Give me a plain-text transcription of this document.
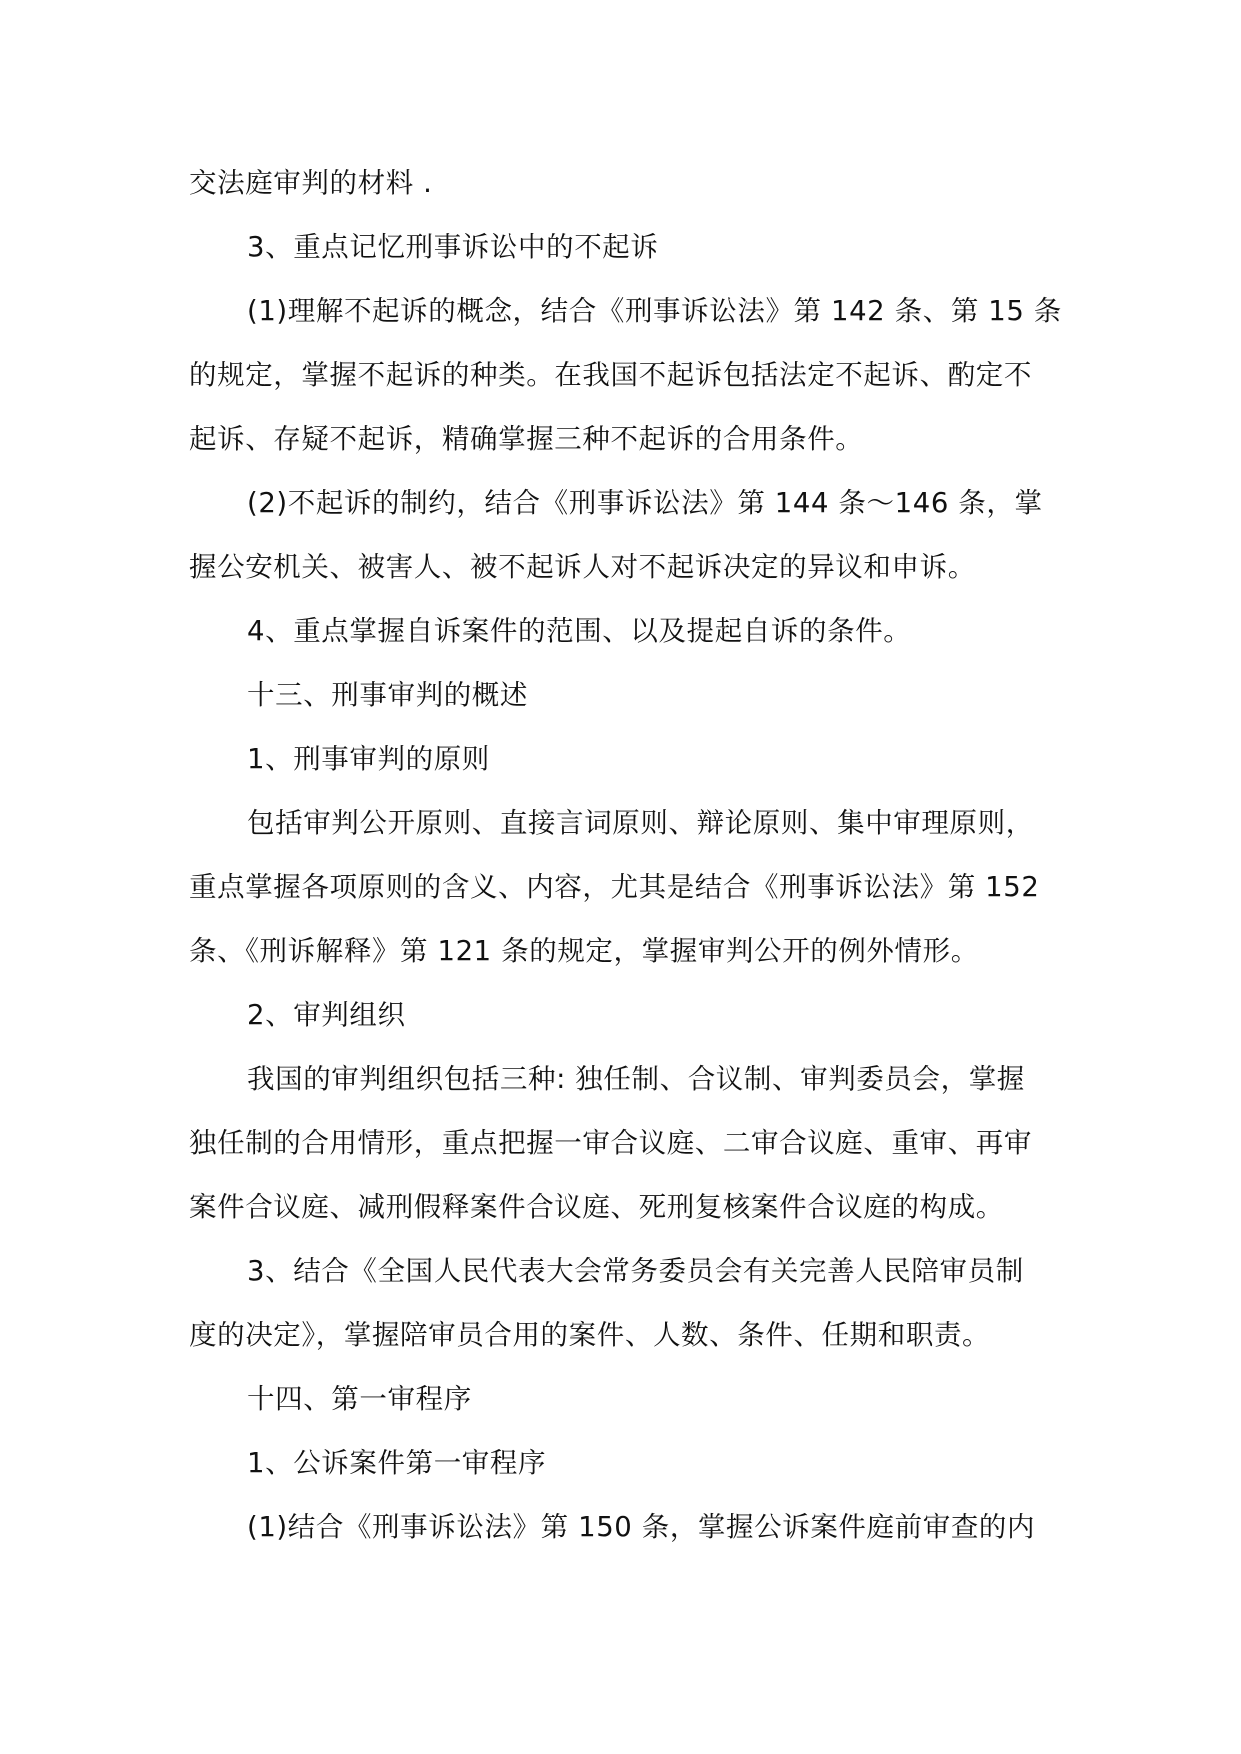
交法庭审判的材料 .
3、重点记忆刑事诉讼中的不起诉
(1)理解不起诉的概念，结合《刑事诉讼法》第 142 条、第 15 条
的规定，掌握不起诉的种类。在我国不起诉包括法定不起诉、酌定不
起诉、存疑不起诉，精确掌握三种不起诉的合用条件。
(2)不起诉的制约，结合《刑事诉讼法》第 144 条～146 条，掌
握公安机关、被害人、被不起诉人对不起诉决定的异议和申诉。
4、重点掌握自诉案件的范围、以及提起自诉的条件。
十三、刑事审判的概述
1、刑事审判的原则
包括审判公开原则、直接言词原则、辩论原则、集中审理原则，
重点掌握各项原则的含义、内容，尤其是结合《刑事诉讼法》第 152
条、《刑诉解释》第 121 条的规定，掌握审判公开的例外情形。
2、审判组织
我国的审判组织包括三种: 独任制、合议制、审判委员会，掌握
独任制的合用情形，重点把握一审合议庭、二审合议庭、重审、再审
案件合议庭、减刑假释案件合议庭、死刑复核案件合议庭的构成。
3、结合《全国人民代表大会常务委员会有关完善人民陪审员制
度的决定》，掌握陪审员合用的案件、人数、条件、任期和职责。
十四、第一审程序
1、公诉案件第一审程序
(1)结合《刑事诉讼法》第 150 条，掌握公诉案件庭前审查的内
